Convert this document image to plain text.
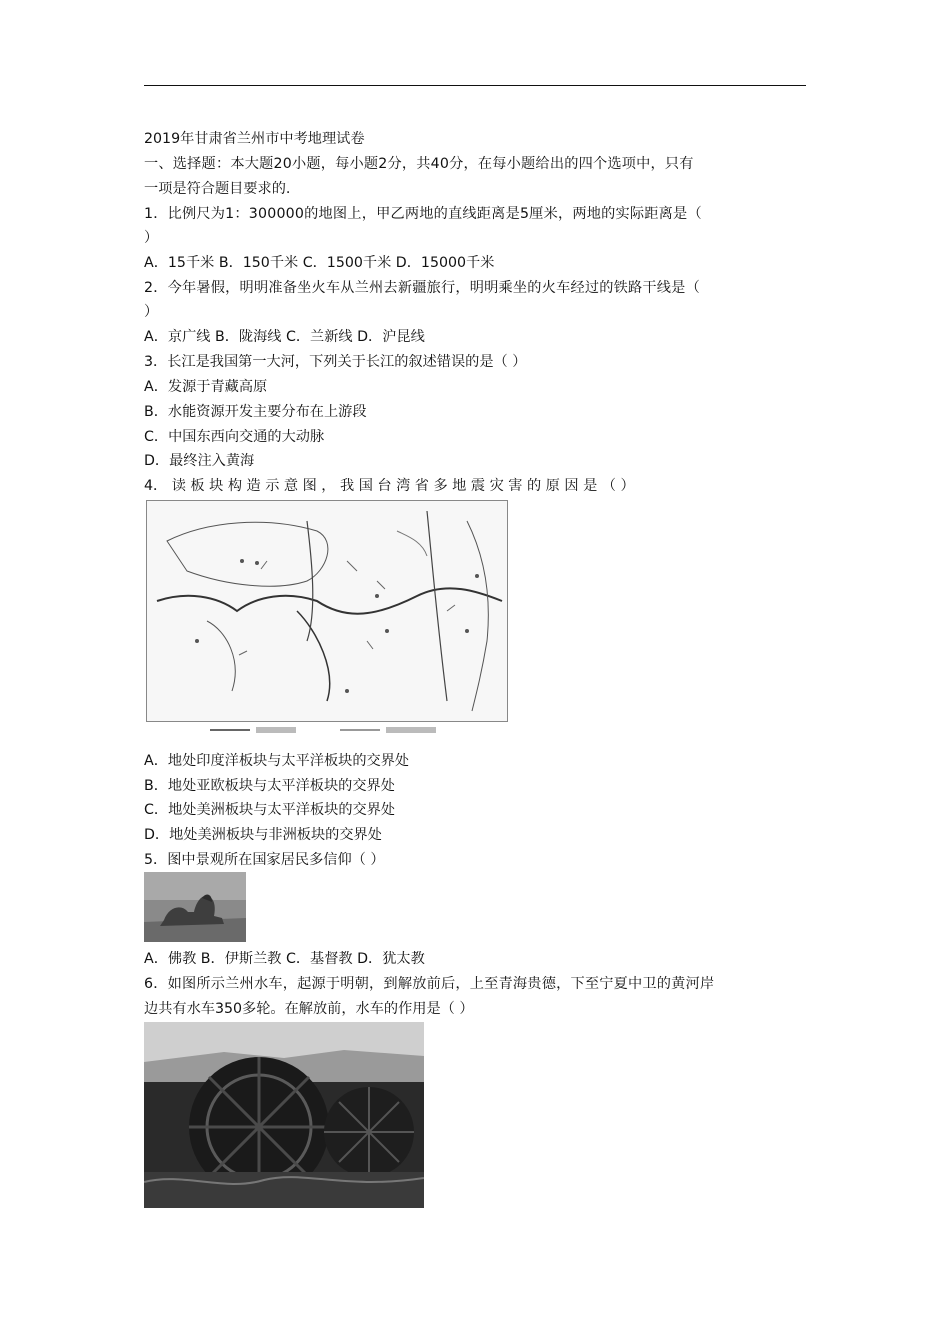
2019年甘肃省兰州市中考地理试卷
一、选择题：本大题20小题，每小题2分，共40分，在每小题给出的四个选项中，只有
一项是符合题目要求的.
1．比例尺为1：300000的地图上，甲乙两地的直线距离是5厘米，两地的实际距离是（
）
A．15千米 B．150千米 C．1500千米 D．15000千米
2．今年暑假，明明准备坐火车从兰州去新疆旅行，明明乘坐的火车经过的铁路干线是（
）
A．京广线 B．陇海线 C．兰新线 D．沪昆线
3．长江是我国第一大河，下列关于长江的叙述错误的是（ ）
A．发源于青藏高原
B．水能资源开发主要分布在上游段
C．中国东西向交通的大动脉
D．最终注入黄海
4． 读 板 块 构 造 示 意 图 ， 我 国 台 湾 省 多 地 震 灾 害 的 原 因 是 （ ）
A．地处印度洋板块与太平洋板块的交界处
B．地处亚欧板块与太平洋板块的交界处
C．地处美洲板块与太平洋板块的交界处
D．地处美洲板块与非洲板块的交界处
5．图中景观所在国家居民多信仰（ ）
A．佛教 B．伊斯兰教 C．基督教 D．犹太教
6．如图所示兰州水车，起源于明朝，到解放前后，上至青海贵德，下至宁夏中卫的黄河岸
边共有水车350多轮。在解放前，水车的作用是（ ）
